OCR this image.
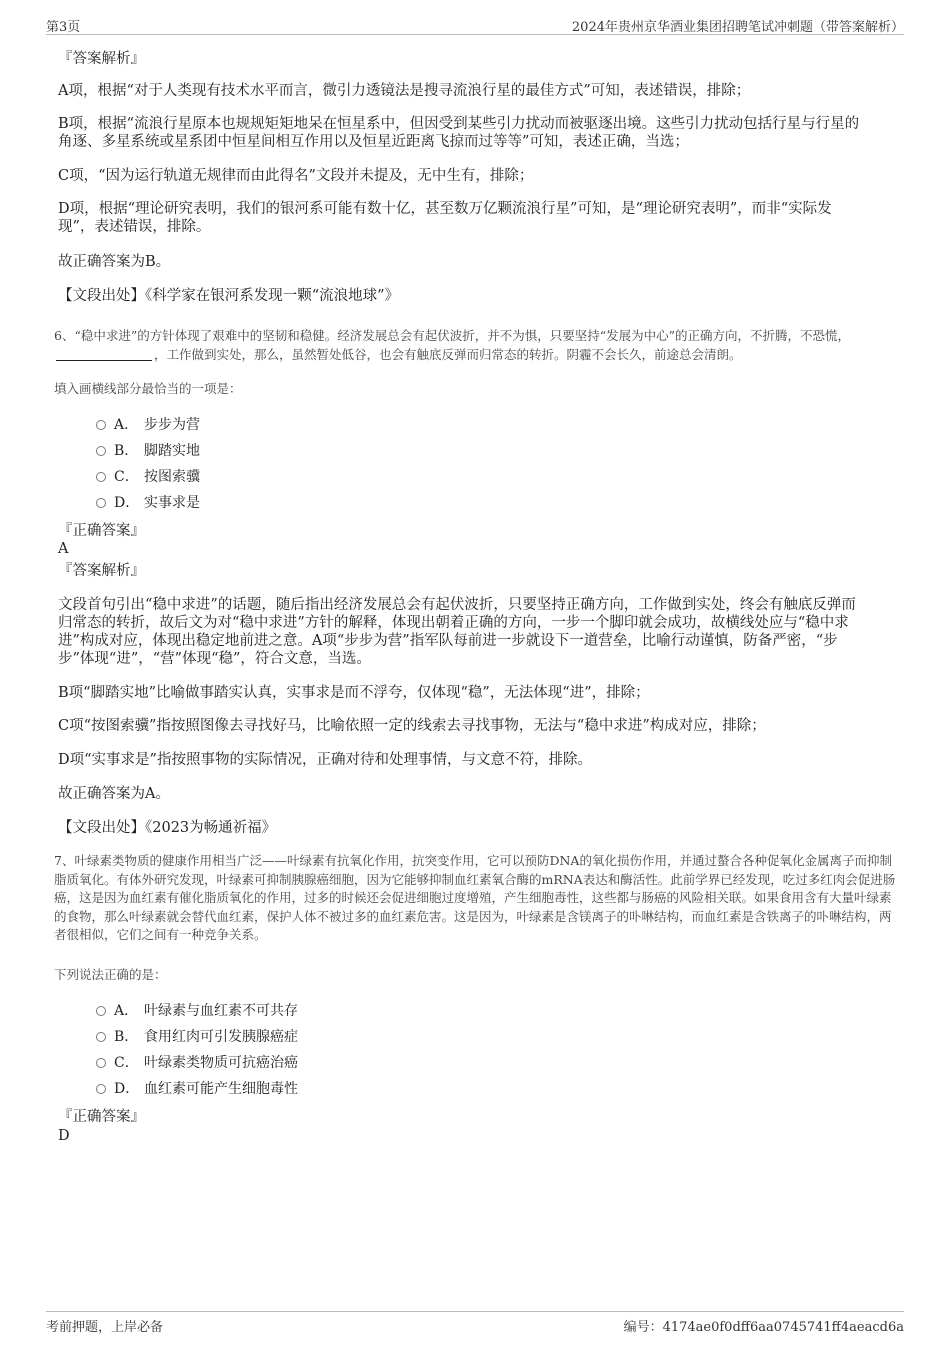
第3页	2024年贵州京华酒业集团招聘笔试冲刺题（带答案解析）
『答案解析』
A项，根据“对于人类现有技术水平而言，微引力透镜法是搜寻流浪行星的最佳方式”可知，表述错误，排除；
B项，根据“流浪行星原本也规规矩矩地呆在恒星系中，但因受到某些引力扰动而被驱逐出境。这些引力扰动包括行星与行星的角逐、多星系统或星系团中恒星间相互作用以及恒星近距离飞掠而过等等”可知，表述正确，当选；
C项，“因为运行轨道无规律而由此得名”文段并未提及，无中生有，排除；
D项，根据“理论研究表明，我们的银河系可能有数十亿，甚至数万亿颗流浪行星”可知，是“理论研究表明”，而非“实际发现”，表述错误，排除。
故正确答案为B。
【文段出处】《科学家在银河系发现一颗“流浪地球”》
6、“稳中求进”的方针体现了艰难中的坚韧和稳健。经济发展总会有起伏波折，并不为惧，只要坚持“发展为中心”的正确方向，不折腾，不恐慌，，工作做到实处，那么，虽然暂处低谷，也会有触底反弹而归常态的转折。阴霾不会长久，前途总会清朗。
填入画横线部分最恰当的一项是：
A． 步步为营
B． 脚踏实地
C． 按图索骥
D． 实事求是
『正确答案』
A
『答案解析』
文段首句引出“稳中求进”的话题，随后指出经济发展总会有起伏波折，只要坚持正确方向，工作做到实处，终会有触底反弹而归常态的转折，故后文为对“稳中求进”方针的解释，体现出朝着正确的方向，一步一个脚印就会成功，故横线处应与“稳中求进”构成对应，体现出稳定地前进之意。A项“步步为营”指军队每前进一步就设下一道营垒，比喻行动谨慎，防备严密，“步步”体现“进”，“营”体现“稳”，符合文意，当选。
B项“脚踏实地”比喻做事踏实认真，实事求是而不浮夸，仅体现“稳”，无法体现“进”，排除；
C项“按图索骥”指按照图像去寻找好马，比喻依照一定的线索去寻找事物，无法与“稳中求进”构成对应，排除；
D项“实事求是”指按照事物的实际情况，正确对待和处理事情，与文意不符，排除。
故正确答案为A。
【文段出处】《2023为畅通祈福》
7、叶绿素类物质的健康作用相当广泛——叶绿素有抗氧化作用，抗突变作用，它可以预防DNA的氧化损伤作用，并通过螯合各种促氧化金属离子而抑制脂质氧化。有体外研究发现，叶绿素可抑制胰腺癌细胞，因为它能够抑制血红素氧合酶的mRNA表达和酶活性。此前学界已经发现，吃过多红肉会促进肠癌，这是因为血红素有催化脂质氧化的作用，过多的时候还会促进细胞过度增殖，产生细胞毒性，这些都与肠癌的风险相关联。如果食用含有大量叶绿素的食物，那么叶绿素就会替代血红素，保护人体不被过多的血红素危害。这是因为，叶绿素是含镁离子的卟啉结构，而血红素是含铁离子的卟啉结构，两者很相似，它们之间有一种竞争关系。
下列说法正确的是：
A． 叶绿素与血红素不可共存
B． 食用红肉可引发胰腺癌症
C． 叶绿素类物质可抗癌治癌
D． 血红素可能产生细胞毒性
『正确答案』
D
考前押题，上岸必备	编号：4174ae0f0dff6aa0745741ff4aeacd6a
